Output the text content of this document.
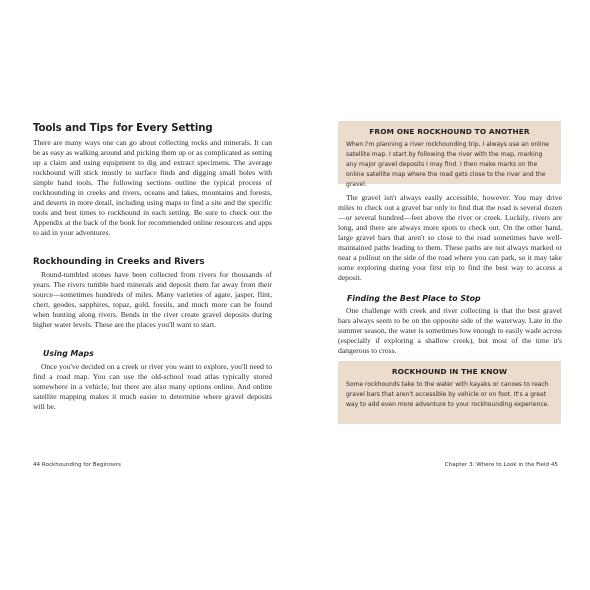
Tools and Tips for Every Setting

There are many ways one can go about collecting rocks and minerals. It can be as easy as walking around and picking them up or as complicated as setting up a claim and using equipment to dig and extract specimens. The average rockhound will stick mostly to surface finds and digging small holes with simple hand tools. The following sections outline the typical process of rockhounding in creeks and rivers, oceans and lakes, mountains and forests, and deserts in more detail, including using maps to find a site and the specific tools and best times to rockhound in each setting. Be sure to check out the Appendix at the back of the book for recommended online resources and apps to aid in your adventures.

Rockhounding in Creeks and Rivers

Round-tumbled stones have been collected from rivers for thousands of years. The rivers tumble hard minerals and deposit them far away from their source—sometimes hundreds of miles. Many varieties of agate, jasper, flint, chert, geodes, sapphires, topaz, gold, fossils, and much more can be found when hunting along rivers. Bends in the river create gravel deposits during higher water levels. These are the places you'll want to start.

Using Maps

Once you've decided on a creek or river you want to explore, you'll need to find a road map. You can use the old-school road atlas typically stored somewhere in a vehicle, but there are also many options online. And online satellite mapping makes it much easier to determine where gravel deposits will be.

44 Rockhounding for Beginners
FROM ONE ROCKHOUND TO ANOTHER

When I'm planning a river rockhounding trip, I always use an online satellite map. I start by following the river with the map, marking any major gravel deposits I may find. I then make marks on the online satellite map where the road gets close to the river and the gravel.

The gravel isn't always easily accessible, however. You may drive miles to check out a gravel bar only to find that the road is several dozen—or several hundred—feet above the river or creek. Luckily, rivers are long, and there are always more spots to check out. On the other hand, large gravel bars that aren't so close to the road sometimes have well-maintained paths leading to them. These paths are not always marked or near a pullout on the side of the road where you can park, so it may take some exploring during your first trip to find the best way to access a deposit.

Finding the Best Place to Stop

One challenge with creek and river collecting is that the best gravel bars always seem to be on the opposite side of the waterway. Late in the summer season, the water is sometimes low enough to easily wade across (especially if exploring a shallow creek), but most of the time it's dangerous to cross.

ROCKHOUND IN THE KNOW

Some rockhounds take to the water with kayaks or canoes to reach gravel bars that aren't accessible by vehicle or on foot. It's a great way to add even more adventure to your rockhounding experience.

Chapter 3: Where to Look in the Field 45
